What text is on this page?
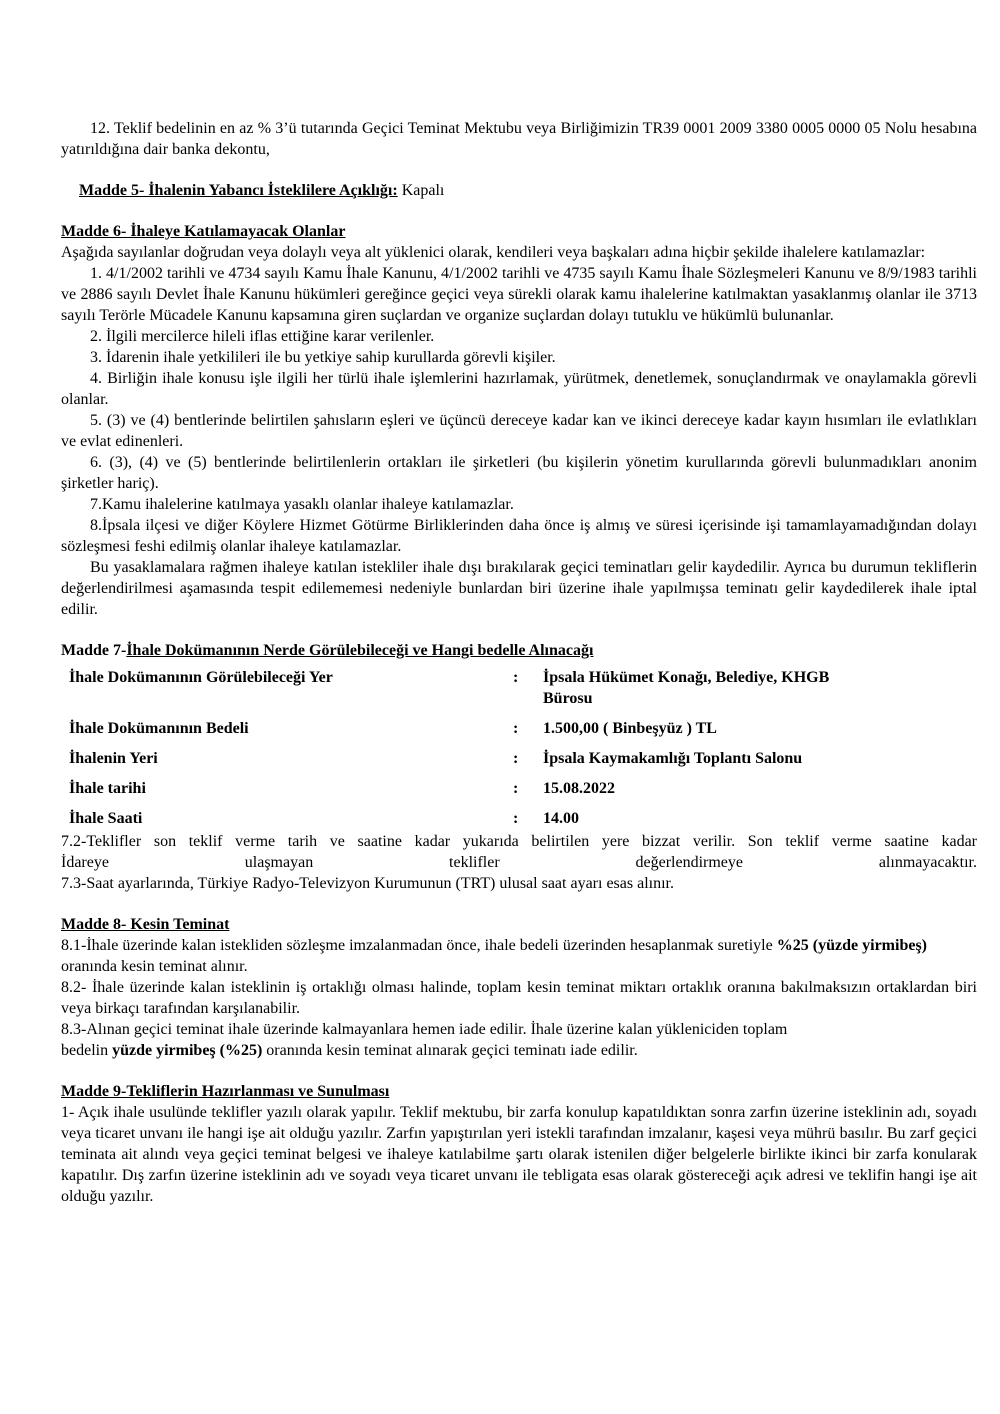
12. Teklif bedelinin en az % 3’ü tutarında Geçici Teminat Mektubu veya Birliğimizin TR39 0001 2009 3380 0005 0000 05 Nolu hesabına yatırıldığına dair banka dekontu,

Madde 5- İhalenin Yabancı İsteklilere Açıklığı: Kapalı

Madde 6- İhaleye Katılamayacak Olanlar

Aşağıda sayılanlar doğrudan veya dolaylı veya alt yüklenici olarak, kendileri veya başkaları adına hiçbir şekilde ihalelere katılamazlar:

1. 4/1/2002 tarihli ve 4734 sayılı Kamu İhale Kanunu, 4/1/2002 tarihli ve 4735 sayılı Kamu İhale Sözleşmeleri Kanunu ve 8/9/1983 tarihli ve 2886 sayılı Devlet İhale Kanunu hükümleri gereğince geçici veya sürekli olarak kamu ihalelerine katılmaktan yasaklanmış olanlar ile 3713 sayılı Terörle Mücadele Kanunu kapsamına giren suçlardan ve organize suçlardan dolayı tutuklu ve hükümlü bulunanlar.

2. İlgili mercilerce hileli iflas ettiğine karar verilenler.

3. İdarenin ihale yetkilileri ile bu yetkiye sahip kurullarda görevli kişiler.

4. Birliğin ihale konusu işle ilgili her türlü ihale işlemlerini hazırlamak, yürütmek, denetlemek, sonuçlandırmak ve onaylamakla görevli olanlar.

5. (3) ve (4) bentlerinde belirtilen şahısların eşleri ve üçüncü dereceye kadar kan ve ikinci dereceye kadar kayın hısımları ile evlatlıkları ve evlat edinenleri.

6. (3), (4) ve (5) bentlerinde belirtilenlerin ortakları ile şirketleri (bu kişilerin yönetim kurullarında görevli bulunmadıkları anonim şirketler hariç).

7.Kamu ihalelerine katılmaya yasaklı olanlar ihaleye katılamazlar.

8.İpsala ilçesi ve diğer Köylere Hizmet Götürme Birliklerinden daha önce iş almış ve süresi içerisinde işi tamamlayamadığından dolayı sözleşmesi feshi edilmiş olanlar ihaleye katılamazlar.

Bu yasaklamalara rağmen ihaleye katılan istekliler ihale dışı bırakılarak geçici teminatları gelir kaydedilir. Ayrıca bu durumun tekliflerin değerlendirilmesi aşamasında tespit edilememesi nedeniyle bunlardan biri üzerine ihale yapılmışsa teminatı gelir kaydedilerek ihale iptal edilir.

Madde 7-İhale Dokümanının Nerde Görülebileceği ve Hangi bedelle Alınacağı

İhale Dokümanının Görülebileceği Yer	:	İpsala Hükümet Konağı, Belediye, KHGB Bürosu
İhale Dokümanının Bedeli	:	1.500,00 ( Binbeşyüz ) TL
İhalenin Yeri	:	İpsala Kaymakamlığı Toplantı Salonu
İhale tarihi	:	15.08.2022
İhale Saati	:	14.00

7.2-Teklifler son teklif verme tarih ve saatine kadar yukarıda belirtilen yere bizzat verilir. Son teklif verme saatine kadar

İdareye ulaşmayan teklifler değerlendirmeye alınmayacaktır.

7.3-Saat ayarlarında, Türkiye Radyo-Televizyon Kurumunun (TRT) ulusal saat ayarı esas alınır.

Madde 8- Kesin Teminat

8.1-İhale üzerinde kalan istekliden sözleşme imzalanmadan önce, ihale bedeli üzerinden hesaplanmak suretiyle %25 (yüzde yirmibeş) oranında kesin teminat alınır.

8.2- İhale üzerinde kalan isteklinin iş ortaklığı olması halinde, toplam kesin teminat miktarı ortaklık oranına bakılmaksızın ortaklardan biri veya birkaçı tarafından karşılanabilir.

8.3-Alınan geçici teminat ihale üzerinde kalmayanlara hemen iade edilir. İhale üzerine kalan yükleniciden toplam

bedelin yüzde yirmibeş (%25) oranında kesin teminat alınarak geçici teminatı iade edilir.

Madde 9-Tekliflerin Hazırlanması ve Sunulması

1- Açık ihale usulünde teklifler yazılı olarak yapılır. Teklif mektubu, bir zarfa konulup kapatıldıktan sonra zarfın üzerine isteklinin adı, soyadı veya ticaret unvanı ile hangi işe ait olduğu yazılır. Zarfın yapıştırılan yeri istekli tarafından imzalanır, kaşesi veya mührü basılır. Bu zarf geçici teminata ait alındı veya geçici teminat belgesi ve ihaleye katılabilme şartı olarak istenilen diğer belgelerle birlikte ikinci bir zarfa konularak kapatılır. Dış zarfın üzerine isteklinin adı ve soyadı veya ticaret unvanı ile tebligata esas olarak göstereceği açık adresi ve teklifin hangi işe ait olduğu yazılır.
